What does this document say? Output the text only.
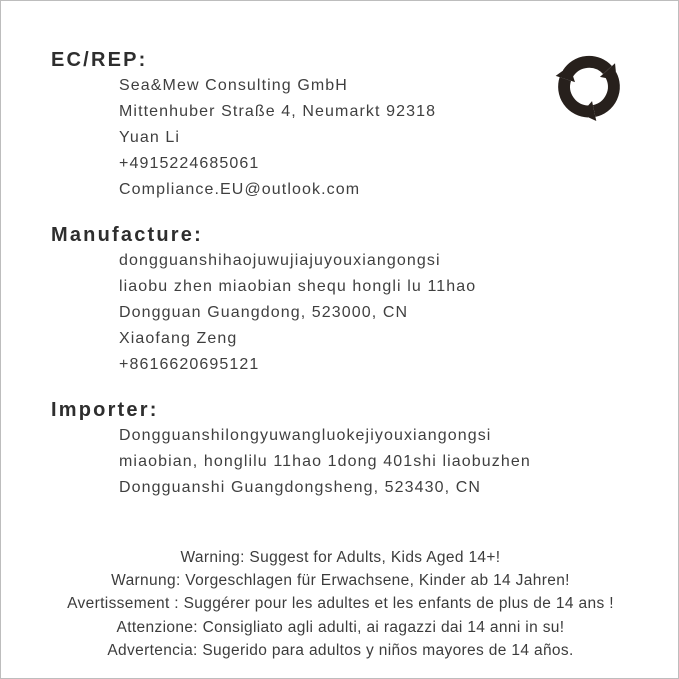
EC/REP:
Sea&Mew Consulting GmbH
Mittenhuber Straße 4, Neumarkt 92318
Yuan Li
+4915224685061
Compliance.EU@outlook.com
Manufacture:
dongguanshihaojuwujiajuyouxiangongsi
liaobu zhen miaobian shequ hongli lu 11hao
Dongguan Guangdong, 523000, CN
Xiaofang Zeng
+8616620695121
Importer:
Dongguanshilongyuwangluokejiyouxiangongsi
miaobian, honglilu 11hao 1dong 401shi liaobuzhen
Dongguanshi Guangdongsheng, 523430, CN
Warning: Suggest for Adults, Kids Aged 14+!
Warnung: Vorgeschlagen für Erwachsene, Kinder ab 14 Jahren!
Avertissement : Suggérer pour les adultes et les enfants de plus de 14 ans !
Attenzione: Consigliato agli adulti, ai ragazzi dai 14 anni in su!
Advertencia: Sugerido para adultos y niños mayores de 14 años.
